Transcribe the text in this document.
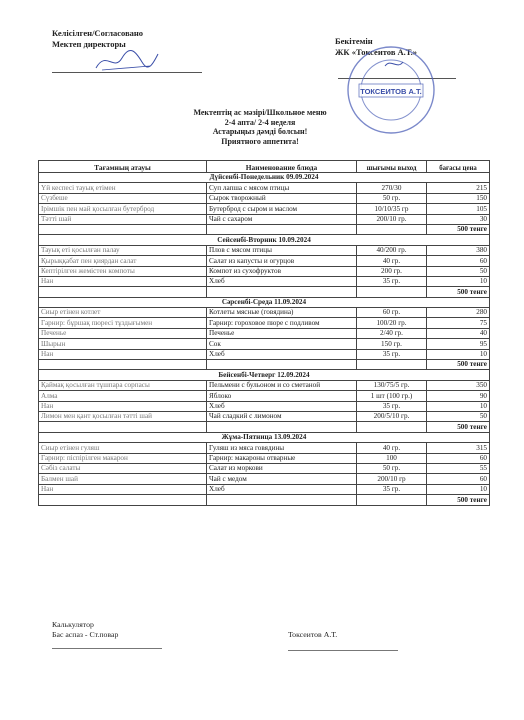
Келісілген/Согласовано
Мектеп директоры	Бекітемін
ЖК «Токсеитов А.Т.»
ТОКСЕИТОВ А.Т.
Мектептің ас мәзірі/Школьное меню
2-4 апта/ 2-4 неделя
Астарыңыз дәмді болсын!
Приятного аппетита!
Тағамның атауы	Наименование блюда	шығымы выход	бағасы цена
Дүйсенбі-Понедельник 09.09.2024			
Үй кеспесі тауық етімен	Суп лапша с мясом птицы	270/30	215
Сүзбеше	Сырок творожный	50 гр.	150
Ірімшік пен май қосылған бутерброд	Бутерброд с сыром и маслом	10/10/35 гр	105
Тәтті шай	Чай с сахаром	200/10 гр.	30
			500 тенге
Сейсенбі-Вторник 10.09.2024			
Тауық еті қосылған палау	Плов с мясом птицы	40/200 гр.	380
Қырыққабат пен қиярдан салат	Салат из капусты и огурцов	40 гр.	60
Кептірілген жемістен компоты	Компот из сухофруктов	200 гр.	50
Нан	Хлеб	35 гр.	10
			500 тенге
Сәрсенбі-Среда 11.09.2024			
Сиыр етінен котлет	Котлеты мясные (говядина)	60 гр.	280
Гарнир: бұршақ пюресі тұздығымен	Гарнир: гороховое пюре с подливом	100/20 гр.	75
Печенье	Печенье	2/40 гр.	40
Шырын	Сок	150 гр.	95
Нан	Хлеб	35 гр.	10
			500 тенге
Бейсенбі-Четверг 12.09.2024			
Қаймақ қосылған тұшпара сорпасы	Пельмени с бульоном и со сметаной	130/75/5 гр.	350
Алма	Яблоко	1 шт (100 гр.)	90
Нан	Хлеб	35 гр.	10
Лимон мен қант қосылған тәтті шай	Чай сладкий с лимоном	200/5/10 гр.	50
			500 тенге
Жұма-Пятница 13.09.2024			
Сиыр етінен гуляш	Гуляш из мяса говядины	40 гр.	315
Гарнир: піспірілген макарон	Гарнир: макароны отварные	100	60
Сәбіз салаты	Салат из моркови	50 гр.	55
Балмен шай	Чай с медом	200/10 гр	60
Нан	Хлеб	35 гр.	10
			500 тенге
Калькулятор
Бас аспаз - Ст.повар	Токсеитов А.Т.
